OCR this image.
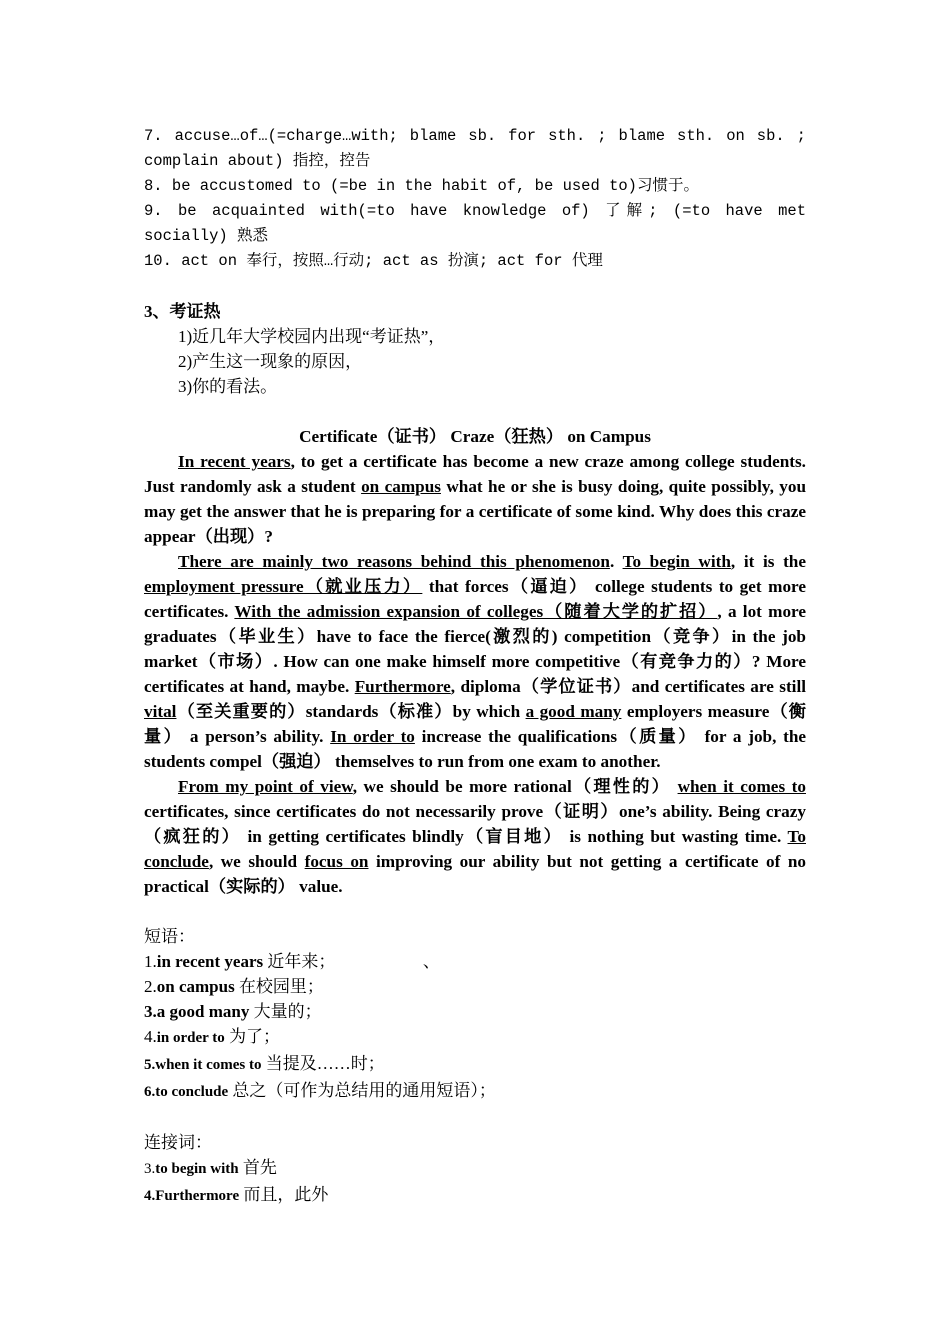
7. accuse…of…(=charge…with; blame sb. for sth. ; blame sth. on sb. ; complain about) 指控，控告

8. be accustomed to (=be in the habit of, be used to)习惯于。

9. be acquainted with(=to have knowledge of) 了解; (=to have met socially) 熟悉

10. act on 奉行，按照…行动; act as 扮演; act for 代理

3、考证热

1)近几年大学校园内出现“考证热”，

2)产生这一现象的原因，

3)你的看法。

Certificate（证书） Craze（狂热） on Campus

In recent years, to get a certificate has become a new craze among college students. Just randomly ask a student on campus what he or she is busy doing, quite possibly, you may get the answer that he is preparing for a certificate of some kind. Why does this craze appear（出现）?

There are mainly two reasons behind this phenomenon. To begin with, it is the employment pressure（就业压力） that forces（逼迫） college students to get more certificates. With the admission expansion of colleges（随着大学的扩招）, a lot more graduates（毕业生）have to face the fierce(激烈的) competition（竞争）in the job market（市场）. How can one make himself more competitive（有竞争力的）? More certificates at hand, maybe. Furthermore, diploma（学位证书）and certificates are still vital（至关重要的）standards（标准）by which a good many employers measure（衡量） a person’s ability. In order to increase the qualifications（质量） for a job, the students compel（强迫） themselves to run from one exam to another.

From my point of view, we should be more rational（理性的） when it comes to certificates, since certificates do not necessarily prove（证明）one’s ability. Being crazy（疯狂的） in getting certificates blindly（盲目地） is nothing but wasting time. To conclude, we should focus on improving our ability but not getting a certificate of no practical（实际的） value.

短语：

1.in recent years 近年来；	、

2.on campus 在校园里；

3.a good many 大量的；

4.in order to 为了；

5.when it comes to 当提及……时；

6.to conclude 总之（可作为总结用的通用短语）；

连接词：

3.to begin with 首先

4.Furthermore 而且，此外
